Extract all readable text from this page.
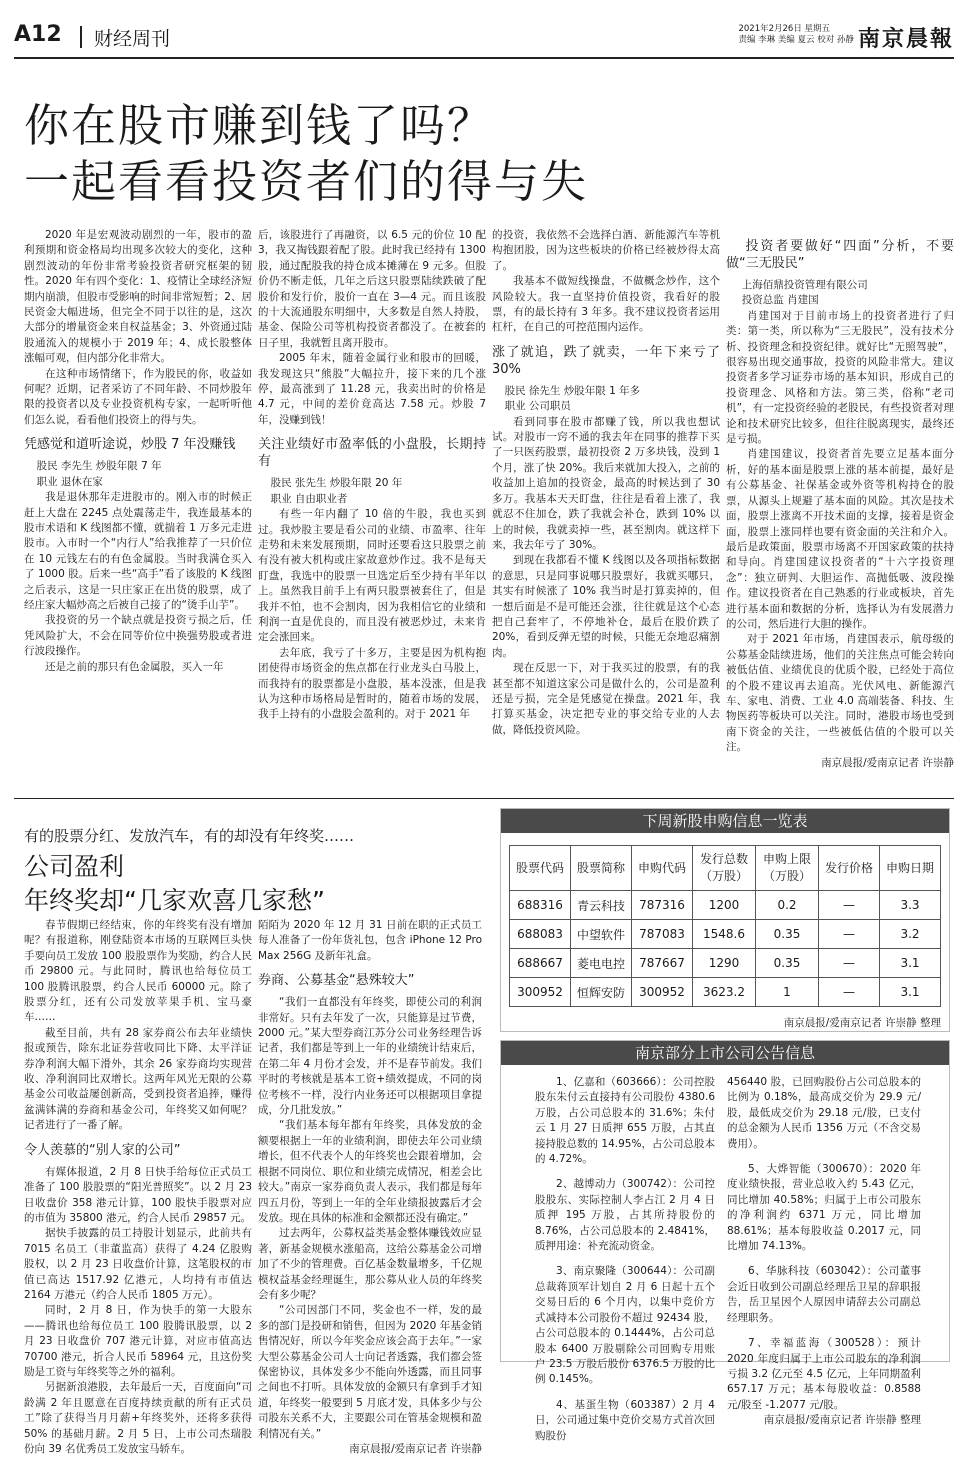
A12 财经周刊	2021年2月26日 星期五
责编 李琳 美编 夏云 校对 孙静 南京晨報
你在股市赚到钱了吗？
一起看看投资者们的得与失

2020 年是宏观波动剧烈的一年，股市的盈利预期和资金格局均出现多次较大的变化，这种剧烈波动的年份非常考验投资者研究框架的韧性。2020 年有四个变化：1、疫情让全球经济短期内崩溃，但股市受影响的时间非常短暂；2、居民资金大幅进场，但完全不同于以往的是，这次大部分的增量资金来自权益基金；3、外资通过陆股通流入的规模小于 2019 年；4、成长股整体涨幅可观，但内部分化非常大。

在这种市场情绪下，作为股民的你，收益如何呢？近期，记者采访了不同年龄、不同炒股年限的投资者以及专业投资机构专家，一起听听他们怎么说，看看他们投资上的得与失。

凭感觉和道听途说，炒股 7 年没赚钱
股民 李先生 炒股年限 7 年
职业 退休在家

我是退休那年走进股市的。刚入市的时候正赶上大盘在 2245 点处震荡走牛，我连最基本的股市术语和 K 线图都不懂，就揣着 1 万多元走进股市。入市时一个“内行人”给我推荐了一只价位在 10 元钱左右的有色金属股。当时我满仓买入了 1000 股。后来一些“高手”看了该股的 K 线图之后表示，这是一只庄家正在出货的股票，成了经庄家大幅炒高之后被自己接了的“烫手山芋”。

我投资的另一个缺点就是投资亏损之后，任凭风险扩大，不会在同等价位中换强势股或者进行波段操作。

还是之前的那只有色金属股，买入一年

后，该股进行了再融资，以 6.5 元的价位 10 配 3，我又掏钱跟着配了股。此时我已经持有 1300 股，通过配股我的持仓成本摊薄在 9 元多。但股价仍不断走低，几年之后这只股票陆续跌破了配股价和发行价，股价一直在 3—4 元。而且该股的十大流通股东明细中，大多数是自然人持股，基金、保险公司等机构投资者都没了。在被套的日子里，我就暂且离开股市。

2005 年末，随着金属行业和股市的回暖，我发现这只“熊股”大幅拉升，接下来的几个涨停，最高涨到了 11.28 元，我卖出时的价格是 4.7 元，中间的差价竟高达 7.58 元。炒股 7 年，没赚到钱！

关注业绩好市盈率低的小盘股，长期持有
股民 张先生 炒股年限 20 年
职业 自由职业者

有些一年内翻了 10 倍的牛股，我也买到过。我炒股主要是看公司的业绩、市盈率、往年走势和未来发展预期，同时还要看这只股票之前有没有被大机构或庄家故意炒作过。我不是每天盯盘，我选中的股票一旦选定后至少持有半年以上。虽然我目前手上有两只股票被套住了，但是我并不怕，也不会割肉，因为我相信它的业绩和利润一直是优良的，而且没有被恶炒过，未来肯定会涨回来。

去年底，我亏了十多万，主要是因为机构抱团使得市场资金的焦点都在行业龙头白马股上，而我持有的股票都是小盘股，基本没涨，但是我认为这种市场格局是暂时的，随着市场的发展，我手上持有的小盘股会盈利的。对于 2021 年

的投资，我依然不会选择白酒、新能源汽车等机构抱团股，因为这些板块的价格已经被炒得太高了。

我基本不做短线操盘，不做概念炒作，这个风险较大。我一直坚持价值投资，我看好的股票，有的最长持有 3 年多。我不建议投资者运用杠杆，在自己的可控范围内运作。

涨了就追，跌了就卖，一年下来亏了30%
股民 徐先生 炒股年限 1 年多
职业 公司职员

看到同事在股市都赚了钱，所以我也想试试。对股市一窍不通的我去年在同事的推荐下买了一只医药股票，最初投资 2 万多块钱，没到 1 个月，涨了快 20%。我后来就加大投入，之前的收益加上追加的投资金，最高的时候达到了 30 多万。我基本天天盯盘，往往是看着上涨了，我就忍不住加仓，跌了我就会补仓，跌到 10% 以上的时候，我就卖掉一些，甚至割肉。就这样下来，我去年亏了 30%。

到现在我都看不懂 K 线图以及各项指标数据的意思，只是同事说哪只股票好，我就买哪只，其实有时候涨了 10% 我当时是打算卖掉的，但一想后面是不是可能还会涨，往往就是这个心态把自己套牢了，不停地补仓，最后在股价跌了 20%，看到反弹无望的时候，只能无奈地忍痛割肉。

现在反思一下，对于我买过的股票，有的我甚至都不知道这家公司是做什么的，公司是盈利还是亏损，完全是凭感觉在操盘。2021 年，我打算买基金，决定把专业的事交给专业的人去做，降低投资风险。

投资者要做好“四面”分析，不要做“三无股民”
上海佰鼎投资管理有限公司
投资总监 肖建国

肖建国对于目前市场上的投资者进行了归类：第一类，所以称为“三无股民”，没有技术分析、投资理念和投资纪律。就好比“无照驾驶”，很容易出现交通事故，投资的风险非常大。建议投资者多学习证券市场的基本知识，形成自己的投资理念、风格和方法。第三类，俗称“老司机”，有一定投资经验的老股民，有些投资者对理论和技术研究比较多，但往往脱离现实，最终还是亏损。

肖建国建议，投资者首先要立足基本面分析，好的基本面是股票上涨的基本前提，最好是有公募基金、社保基金或外资等机构持仓的股票，从源头上规避了基本面的风险。其次是技术面，股票上涨离不开技术面的支撑，接着是资金面，股票上涨同样也要有资金面的关注和介入。最后是政策面，股票市场离不开国家政策的扶持和导向。肖建国建议投资者的“十六字投资理念”：独立研判、大胆运作、高抛低吸、波段操作。建议投资者在自己熟悉的行业或板块，首先进行基本面和数据的分析，选择认为有发展潜力的公司，然后进行大胆的操作。

对于 2021 年市场，肖建国表示，航母级的公募基金陆续进场，他们的关注焦点可能会转向被低估值、业绩优良的优质个股，已经处于高位的个股不建议再去追高。光伏风电、新能源汽车、家电、消费、工业 4.0 高端装备、科技、生物医药等板块可以关注。同时，港股市场也受到南下资金的关注，一些被低估值的个股可以关注。

南京晨报/爱南京记者 许崇静
有的股票分红、发放汽车，有的却没有年终奖……
公司盈利
年终奖却“几家欢喜几家愁”

春节假期已经结束，你的年终奖有没有增加呢？有报道称，刚登陆资本市场的互联网巨头快手要向员工发放 100 股股票作为奖励，约合人民币 29800 元。与此同时，腾讯也给每位员工 100 股腾讯股票，约合人民币 60000 元。除了股票分红，还有公司发放苹果手机、宝马豪车……

截至目前，共有 28 家券商公布去年业绩快报或预告，除东北证券营收同比下降、太平洋证券净利润大幅下滑外，其余 26 家券商均实现营收、净利润同比双增长。这两年风光无限的公募基金公司收益屡创新高，受到投资者追捧，赚得盆满钵满的券商和基金公司，年终奖又如何呢？记者进行了一番了解。

令人羡慕的“别人家的公司”

有媒体报道，2 月 8 日快手给每位正式员工准备了 100 股股票的“阳光普照奖”。以 2 月 23 日收盘价 358 港元计算，100 股快手股票对应的市值为 35800 港元，约合人民币 29857 元。

据快手披露的员工持股计划显示，此前共有 7015 名员工（非董监高）获得了 4.24 亿股购股权，以 2 月 23 日收盘价计算，这笔股权的市值已高达 1517.92 亿港元，人均持有市值达 2164 万港元（约合人民币 1805 万元）。

同时，2 月 8 日，作为快手的第一大股东——腾讯也给每位员工 100 股腾讯股票，以 2 月 23 日收盘价 707 港元计算，对应市值高达 70700 港元，折合人民币 58964 元，且这份奖励是工资与年终奖等之外的福利。

另据新浪港股，去年最后一天，百度面向“司龄满 2 年且愿意在百度持续贡献的所有正式员工”除了获得当月月薪+年终奖外，还将多获得 50% 的基础月薪。2 月 5 日，上市公司杰瑞股份向 39 名优秀员工发放宝马轿车。

陌陌为 2020 年 12 月 31 日前在职的正式员工每人准备了一份年货礼包，包含 iPhone 12 Pro Max 256G 及新年礼盒。

券商、公募基金“悬殊较大”

“我们一直都没有年终奖，即使公司的利润非常好。只有去年发了一次，只能算是过节费，2000 元。”某大型券商江苏分公司业务经理告诉记者，我们都是等到上一年的业绩统计结束后，在第二年 4 月份才会发，并不是春节前发。我们平时的考核就是基本工资+绩效提成，不同的岗位考核不一样，没行内业务还可以根据项目拿提成，分几批发放。”

“我们基本每年都有年终奖，具体发放的金额要根据上一年的业绩利润，即使去年公司业绩增长，但不代表个人的年终奖也会跟着增加，会根据不同岗位、职位和业绩完成情况，相差会比较大。”南京一家券商负责人表示，我们都是每年四五月份，等到上一年的全年业绩报披露后才会发放。现在具体的标准和金额都还没有确定。”

过去两年，公募权益类基金整体赚钱效应显著，新基金规模水涨船高，这给公募基金公司增加了不少的管理费。百亿基金数量增多，千亿规模权益基金经理诞生，那公募从业人员的年终奖会有多少呢？

“公司因部门不同，奖金也不一样，发的最多的部门是投研和销售，但因为 2020 年基金销售情况好，所以今年奖金应该会高于去年。”一家大型公募基金公司人士向记者透露，我们都会签保密协议，具体发多少不能向外透露，而且同事之间也不打听。具体发放的金额只有拿到手才知道，年终奖一般要到 5 月底才发，具体多少与公司股东关系不大，主要跟公司在管基金规模和盈利情况有关。”

南京晨报/爱南京记者 许崇静
下周新股申购信息一览表
股票代码	股票简称	申购代码	发行总数（万股）	申购上限（万股）	发行价格	申购日期
688316	青云科技	787316	1200	0.2	—	3.3
688083	中望软件	787083	1548.6	0.35	—	3.2
688667	菱电电控	787667	1290	0.35	—	3.1
300952	恒辉安防	300952	3623.2	1	—	3.1
南京晨报/爱南京记者 许崇静 整理
南京部分上市公司公告信息

1、亿嘉和（603666）：公司控股股东朱付云直接持有公司股份 4380.6 万股，占公司总股本的 31.6%；朱付云 1 月 27 日质押 655 万股，占其直接持股总数的 14.95%，占公司总股本的 4.72%。

2、越博动力（300742）：公司控股股东、实际控制人李占江 2 月 4 日质押 195 万股，占其所持股份的 8.76%，占公司总股本的 2.4841%，质押用途：补充流动资金。

3、南京聚隆（300644）：公司副总裁蒋顶军计划自 2 月 6 日起十五个交易日后的 6 个月内，以集中竞价方式减持本公司股份不超过 92434 股，占公司总股本的 0.1444%，占公司总股本 6400 万股剔除公司回购专用账户 23.5 万股后股份 6376.5 万股的比例 0.145%。

4、基蛋生物（603387）2 月 4 日，公司通过集中竞价交易方式首次回购股份

456440 股，已回购股份占公司总股本的比例为 0.18%，最高成交价为 29.9 元/股，最低成交价为 29.18 元/股，已支付的总金额为人民币 1356 万元（不含交易费用）。

5、大烨智能（300670）：2020 年度业绩快报，营业总收入约 5.43 亿元，同比增加 40.58%；归属于上市公司股东的净利润约 6371 万元，同比增加 88.61%；基本每股收益 0.2017 元，同比增加 74.13%。

6、华脉科技（603042）：公司董事会近日收到公司副总经理岳卫星的辞职报告，岳卫星因个人原因申请辞去公司副总经理职务。

7、幸福蓝海（300528）：预计 2020 年度归属于上市公司股东的净利润亏损 3.2 亿元至 4.5 亿元，上年同期盈利 657.17 万元；基本每股收益：0.8588 元/股至 -1.2077 元/股。

南京晨报/爱南京记者 许崇静 整理
